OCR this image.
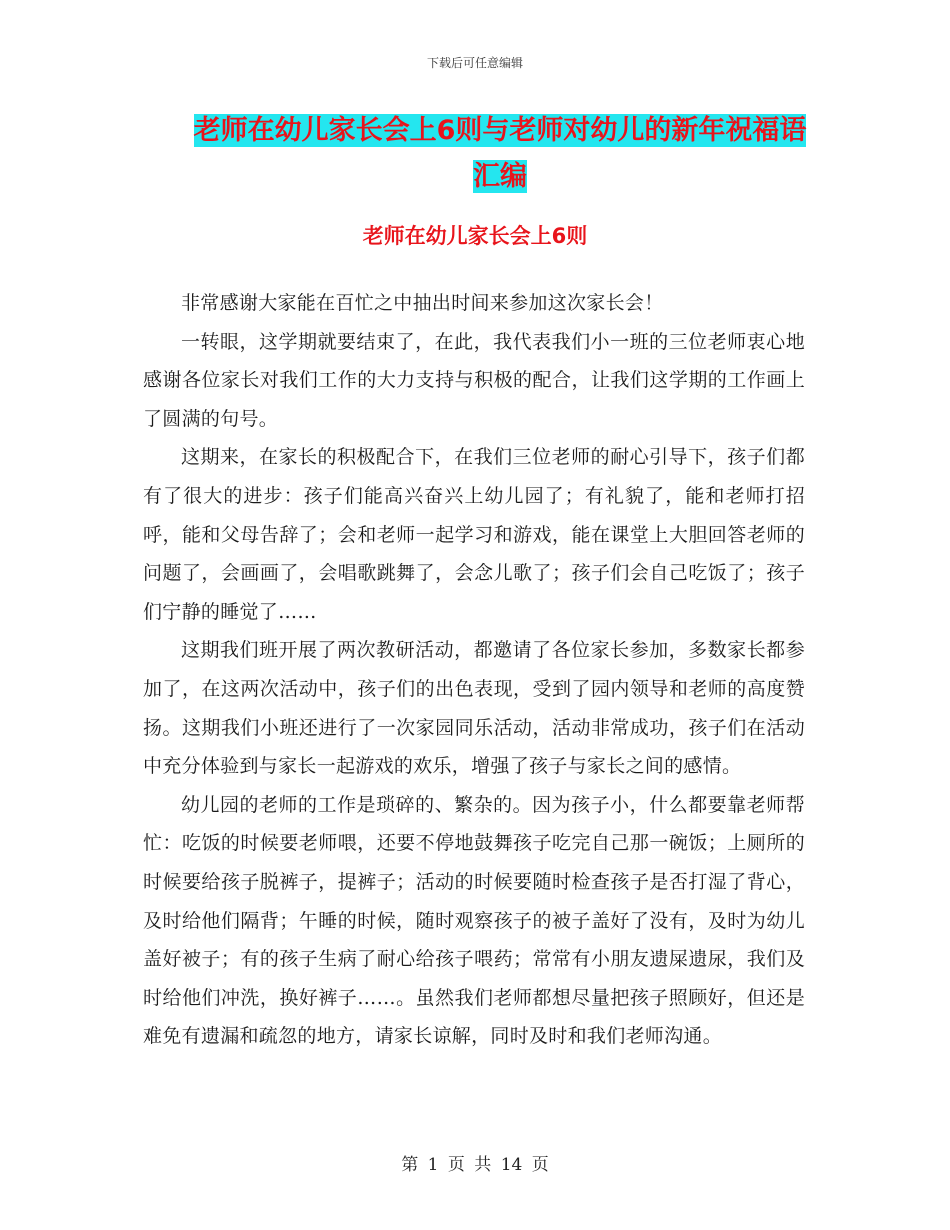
下载后可任意编辑
老师在幼儿家长会上6则与老师对幼儿的新年祝福语
汇编
老师在幼儿家长会上6则

非常感谢大家能在百忙之中抽出时间来参加这次家长会！

一转眼，这学期就要结束了，在此，我代表我们小一班的三位老师衷心地感谢各位家长对我们工作的大力支持与积极的配合，让我们这学期的工作画上了圆满的句号。

这期来，在家长的积极配合下，在我们三位老师的耐心引导下，孩子们都有了很大的进步：孩子们能高兴奋兴上幼儿园了；有礼貌了，能和老师打招呼，能和父母告辞了；会和老师一起学习和游戏，能在课堂上大胆回答老师的问题了，会画画了，会唱歌跳舞了，会念儿歌了；孩子们会自己吃饭了；孩子们宁静的睡觉了……

这期我们班开展了两次教研活动，都邀请了各位家长参加，多数家长都参加了，在这两次活动中，孩子们的出色表现，受到了园内领导和老师的高度赞扬。这期我们小班还进行了一次家园同乐活动，活动非常成功，孩子们在活动中充分体验到与家长一起游戏的欢乐，增强了孩子与家长之间的感情。

幼儿园的老师的工作是琐碎的、繁杂的。因为孩子小，什么都要靠老师帮忙：吃饭的时候要老师喂，还要不停地鼓舞孩子吃完自己那一碗饭；上厕所的时候要给孩子脱裤子，提裤子；活动的时候要随时检查孩子是否打湿了背心，及时给他们隔背；午睡的时候，随时观察孩子的被子盖好了没有，及时为幼儿盖好被子；有的孩子生病了耐心给孩子喂药；常常有小朋友遗屎遗尿，我们及时给他们冲洗，换好裤子……。虽然我们老师都想尽量把孩子照顾好，但还是难免有遗漏和疏忽的地方，请家长谅解，同时及时和我们老师沟通。

第 1 页 共 14 页
